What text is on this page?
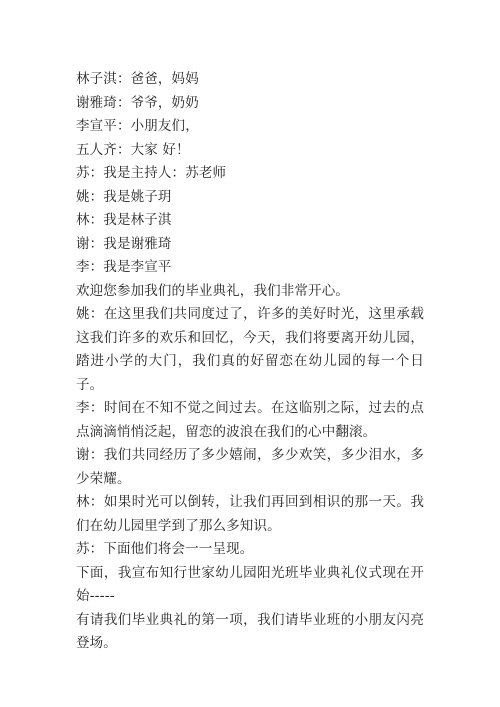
林子淇：爸爸，妈妈
谢雅琦：爷爷，奶奶
李宣平：小朋友们，
五人齐：大家 好！
苏：我是主持人：苏老师
姚：我是姚子玥
林：我是林子淇
谢：我是谢雅琦
李：我是李宣平
欢迎您参加我们的毕业典礼，我们非常开心。
姚：在这里我们共同度过了，许多的美好时光，这里承载这我们许多的欢乐和回忆，今天，我们将要离开幼儿园，踏进小学的大门，我们真的好留恋在幼儿园的每一个日子。
李：时间在不知不觉之间过去。在这临别之际，过去的点点滴滴悄悄泛起，留恋的波浪在我们的心中翻滚。
谢：我们共同经历了多少嬉闹，多少欢笑，多少泪水，多少荣耀。
林：如果时光可以倒转，让我们再回到相识的那一天。我们在幼儿园里学到了那么多知识。
苏：下面他们将会一一呈现。
下面，我宣布知行世家幼儿园阳光班毕业典礼仪式现在开始-----
有请我们毕业典礼的第一项，我们请毕业班的小朋友闪亮登场。
